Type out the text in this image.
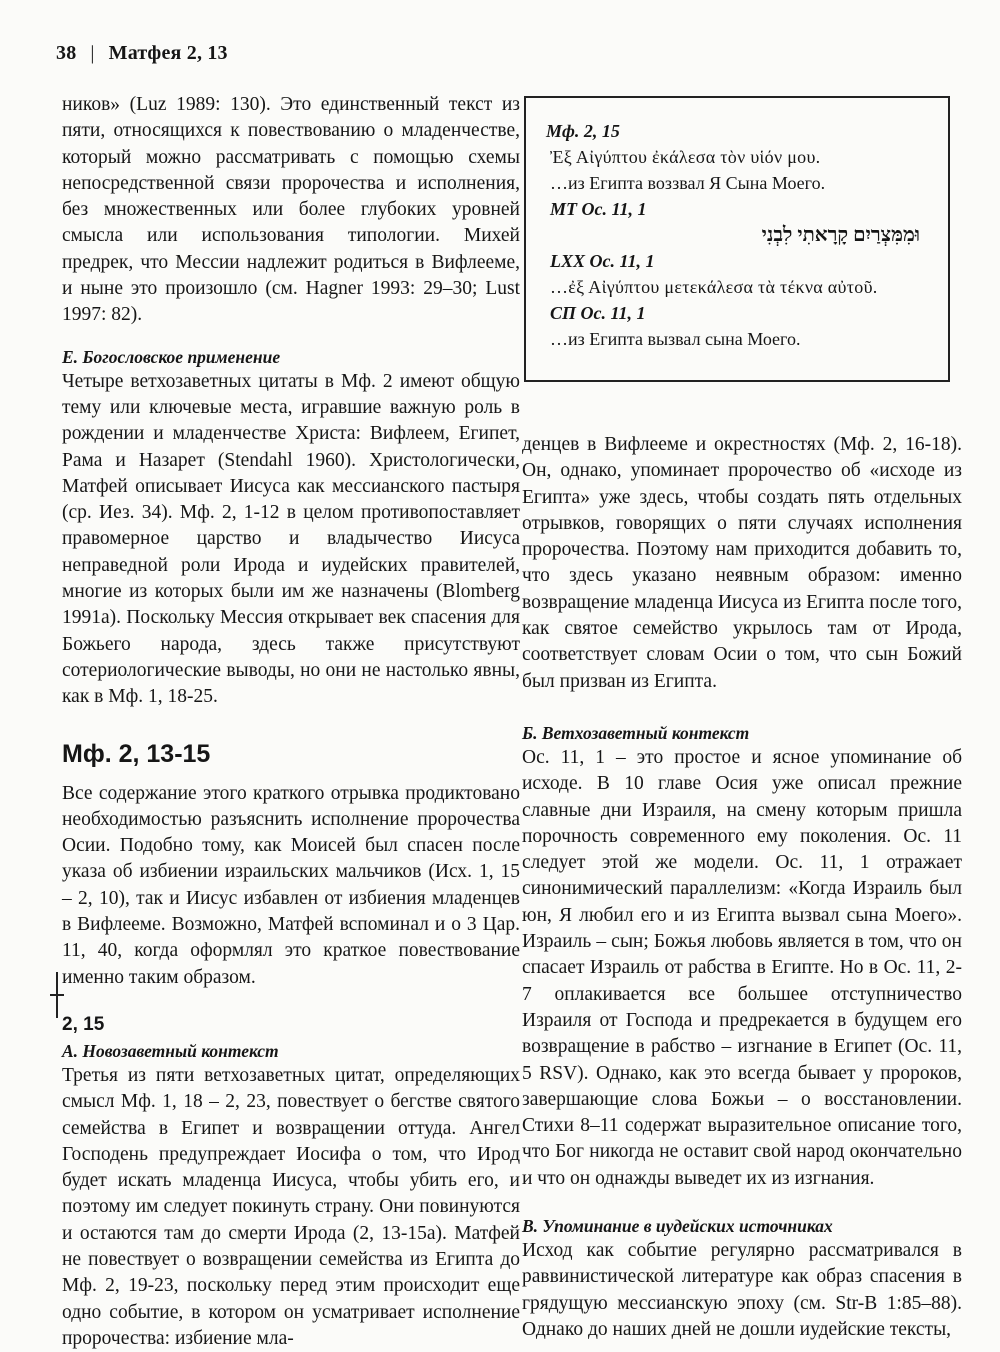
38 | Матфея 2, 13

ников» (Luz 1989: 130). Это единственный текст из пяти, относящихся к повествованию о младенчестве, который можно рассматривать с помощью схемы непосредственной связи пророчества и исполнения, без множественных или более глубоких уровней смысла или использования типологии. Михей предрек, что Мессии надлежит родиться в Вифлееме, и ныне это произошло (см. Hagner 1993: 29–30; Lust 1997: 82).

Е. Богословское применение

Четыре ветхозаветных цитаты в Мф. 2 имеют общую тему или ключевые места, игравшие важную роль в рождении и младенчестве Христа: Вифлеем, Египет, Рама и Назарет (Stendahl 1960). Христологически, Матфей описывает Иисуса как мессианского пастыря (ср. Иез. 34). Мф. 2, 1-12 в целом противопоставляет правомерное царство и владычество Иисуса неправедной роли Ирода и иудейских правителей, многие из которых были им же назначены (Blomberg 1991a). Поскольку Мессия открывает век спасения для Божьего народа, здесь также присутствуют сотериологические выводы, но они не настолько явны, как в Мф. 1, 18-25.

Мф. 2, 13-15

Все содержание этого краткого отрывка продиктовано необходимостью разъяснить исполнение пророчества Осии. Подобно тому, как Моисей был спасен после указа об избиении израильских мальчиков (Исх. 1, 15 – 2, 10), так и Иисус избавлен от избиения младенцев в Вифлееме. Возможно, Матфей вспоминал и о 3 Цар. 11, 40, когда оформлял это краткое повествование именно таким образом.

2, 15
А. Новозаветный контекст

Третья из пяти ветхозаветных цитат, определяющих смысл Мф. 1, 18 – 2, 23, повествует о бегстве святого семейства в Египет и возвращении оттуда. Ангел Господень предупреждает Иосифа о том, что Ирод будет искать младенца Иисуса, чтобы убить его, и поэтому им следует покинуть страну. Они повинуются и остаются там до смерти Ирода (2, 13-15а). Матфей не повествует о возвращении семейства из Египта до Мф. 2, 19-23, поскольку перед этим происходит еще одно событие, в котором он усматривает исполнение пророчества: избиение мла-

Мф. 2, 15

Ἐξ Αἰγύπτου ἐκάλεσα τὸν υἱόν μου.

…из Египта воззвал Я Сына Моего.

MT Ос. 11, 1

וּמִמִּצְרַיִם קָרָאתִי לִבְנִי

LXX Ос. 11, 1

…ἐξ Αἰγύπτου μετεκάλεσα τὰ τέκνα αὐτοῦ.

СП Ос. 11, 1

…из Египта вызвал сына Моего.

денцев в Вифлееме и окрестностях (Мф. 2, 16-18). Он, однако, упоминает пророчество об «исходе из Египта» уже здесь, чтобы создать пять отдельных отрывков, говорящих о пяти случаях исполнения пророчества. Поэтому нам приходится добавить то, что здесь указано неявным образом: именно возвращение младенца Иисуса из Египта после того, как святое семейство укрылось там от Ирода, соответствует словам Осии о том, что сын Божий был призван из Египта.

Б. Ветхозаветный контекст

Ос. 11, 1 – это простое и ясное упоминание об исходе. В 10 главе Осия уже описал прежние славные дни Израиля, на смену которым пришла порочность современного ему поколения. Ос. 11 следует этой же модели. Ос. 11, 1 отражает синонимический параллелизм: «Когда Израиль был юн, Я любил его и из Египта вызвал сына Моего». Израиль – сын; Божья любовь является в том, что он спасает Израиль от рабства в Египте. Но в Ос. 11, 2-7 оплакивается все большее отступничество Израиля от Господа и предрекается в будущем его возвращение в рабство – изгнание в Египет (Ос. 11, 5 RSV). Однако, как это всегда бывает у пророков, завершающие слова Божьи – о восстановлении. Стихи 8–11 содержат выразительное описание того, что Бог никогда не оставит свой народ окончательно и что он однажды выведет их из изгнания.

В. Упоминание в иудейских источниках

Исход как событие регулярно рассматривался в раввинистической литературе как образ спасения в грядущую мессианскую эпоху (см. Str-B 1:85–88). Однако до наших дней не дошли иудейские тексты,
